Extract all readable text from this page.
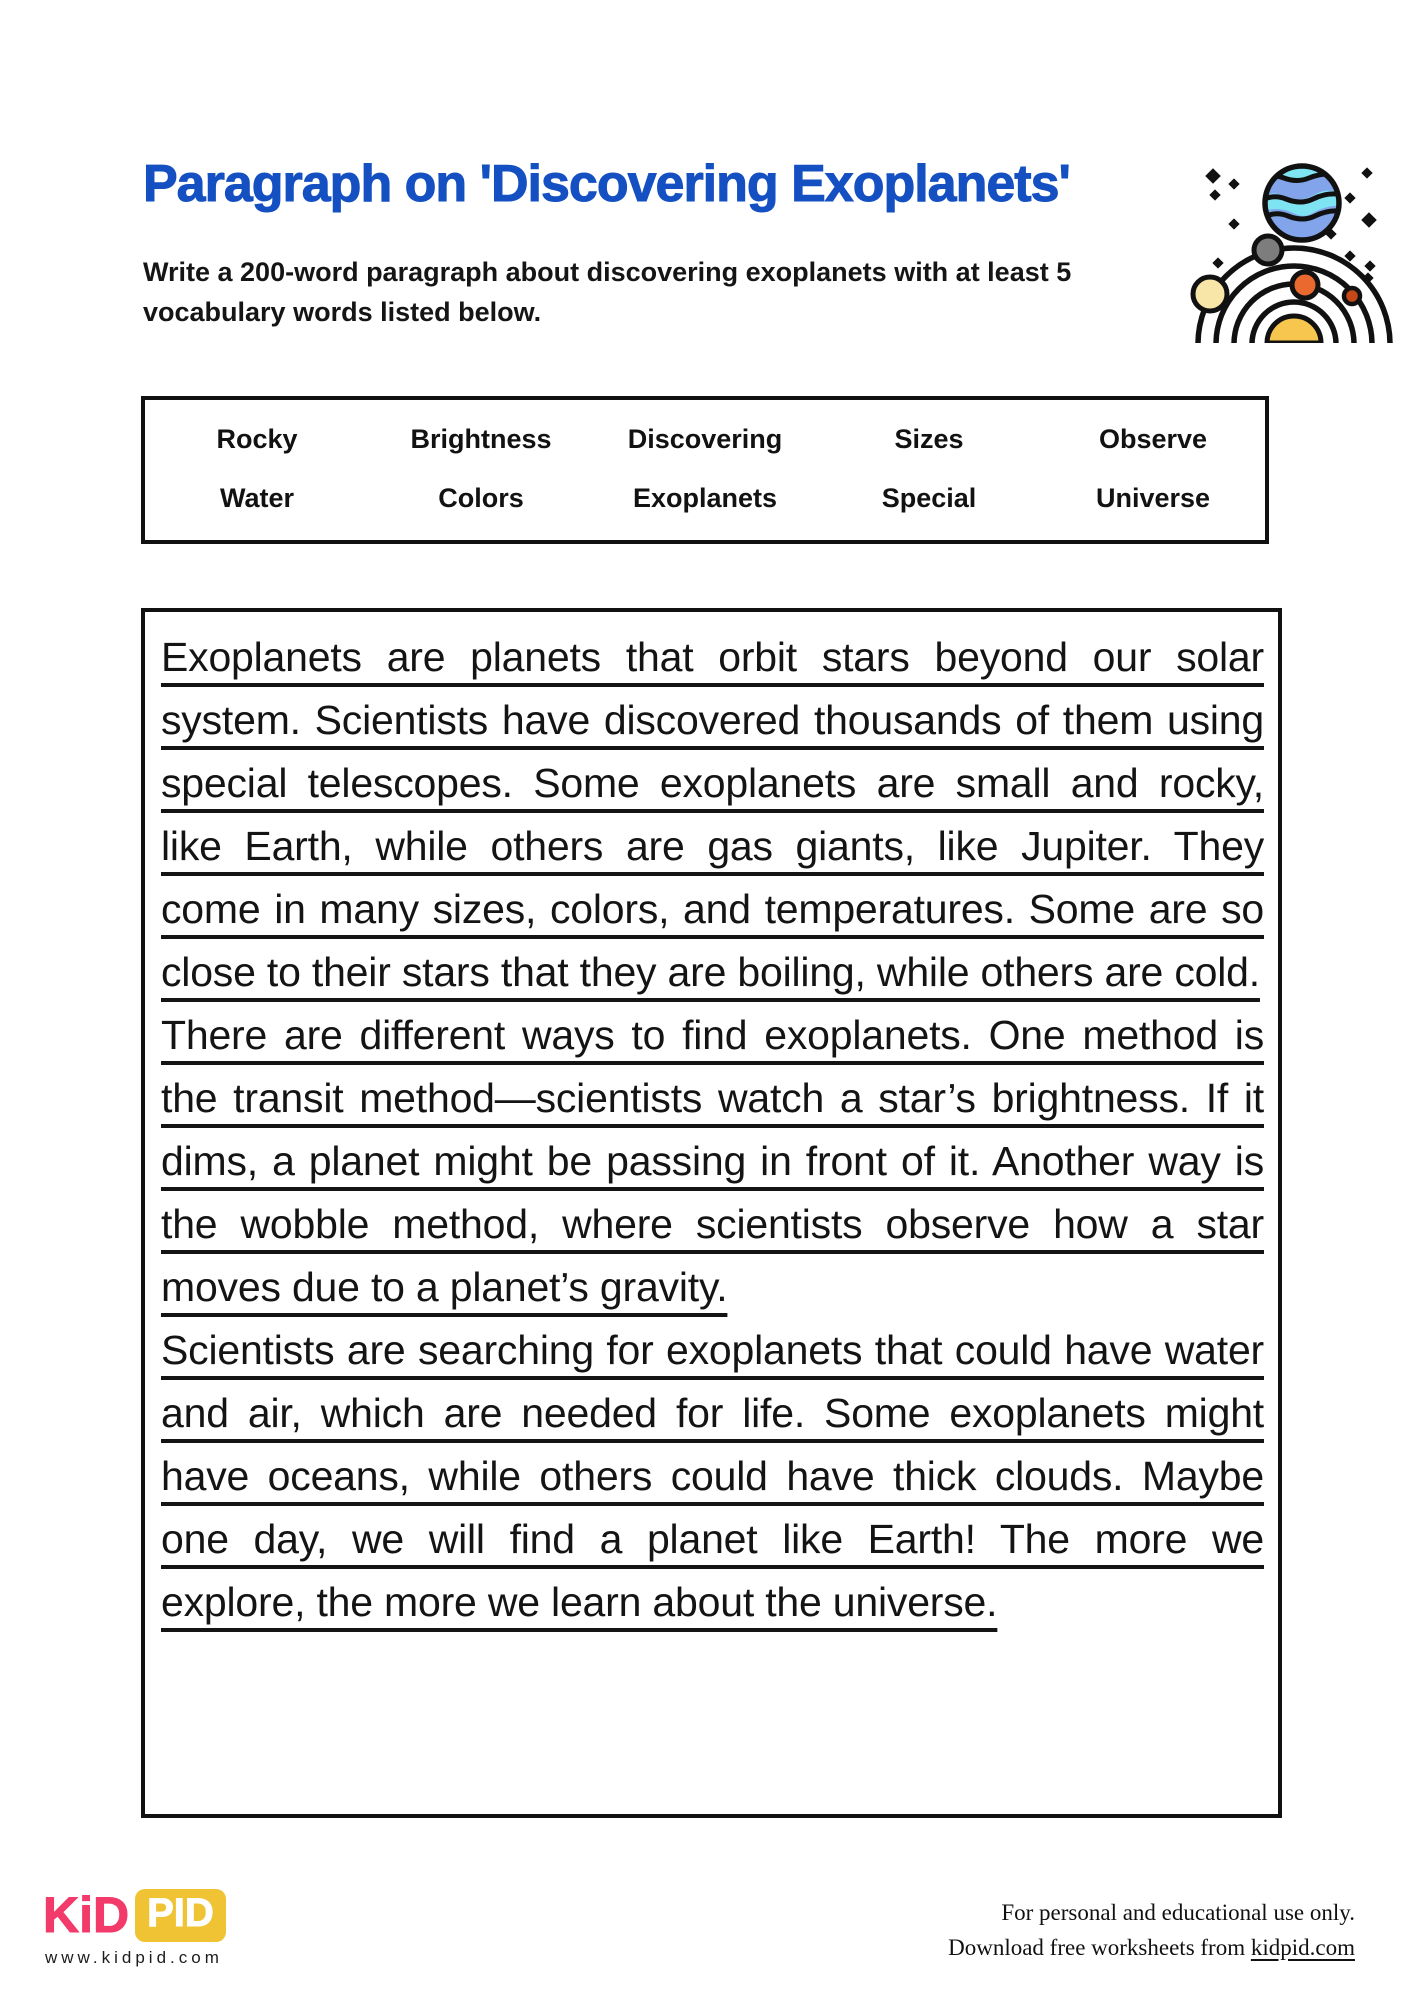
Paragraph on 'Discovering Exoplanets'

Write a 200-word paragraph about discovering exoplanets with at least 5 vocabulary words listed below.

Rocky	Brightness	Discovering	Sizes	Observe
Water	Colors	Exoplanets	Special	Universe

Exoplanets are planets that orbit stars beyond our solar system. Scientists have discovered thousands of them using special telescopes. Some exoplanets are small and rocky, like Earth, while others are gas giants, like Jupiter. They come in many sizes, colors, and temperatures. Some are so close to their stars that they are boiling, while others are cold.

There are different ways to find exoplanets. One method is the transit method—scientists watch a star’s brightness. If it dims, a planet might be passing in front of it. Another way is the wobble method, where scientists observe how a star moves due to a planet’s gravity.

Scientists are searching for exoplanets that could have water and air, which are needed for life. Some exoplanets might have oceans, while others could have thick clouds. Maybe one day, we will find a planet like Earth! The more we explore, the more we learn about the universe.

KiD PID
www.kidpid.com
For personal and educational use only.
Download free worksheets from kidpid.com
